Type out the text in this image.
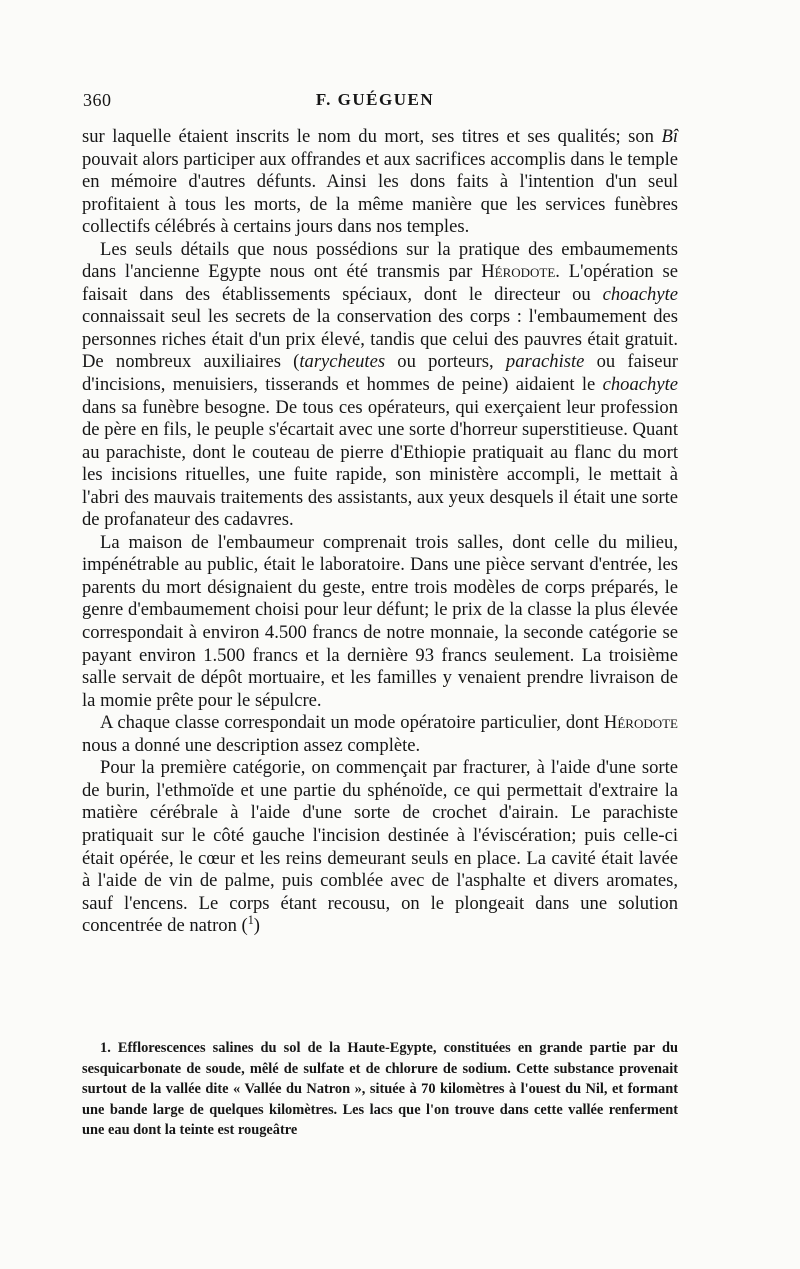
360	F. GUÉGUEN

sur laquelle étaient inscrits le nom du mort, ses titres et ses qualités; son Bî pouvait alors participer aux offrandes et aux sacrifices accomplis dans le temple en mémoire d'autres défunts. Ainsi les dons faits à l'intention d'un seul profitaient à tous les morts, de la même manière que les services funèbres collectifs célébrés à certains jours dans nos temples.

Les seuls détails que nous possédions sur la pratique des embaumements dans l'ancienne Egypte nous ont été transmis par Hérodote. L'opération se faisait dans des établissements spéciaux, dont le directeur ou choachyte connaissait seul les secrets de la conservation des corps : l'embaumement des personnes riches était d'un prix élevé, tandis que celui des pauvres était gratuit. De nombreux auxiliaires (tarycheutes ou porteurs, parachiste ou faiseur d'incisions, menuisiers, tisserands et hommes de peine) aidaient le choachyte dans sa funèbre besogne. De tous ces opérateurs, qui exerçaient leur profession de père en fils, le peuple s'écartait avec une sorte d'horreur superstitieuse. Quant au parachiste, dont le couteau de pierre d'Ethiopie pratiquait au flanc du mort les incisions rituelles, une fuite rapide, son ministère accompli, le mettait à l'abri des mauvais traitements des assistants, aux yeux desquels il était une sorte de profanateur des cadavres.

La maison de l'embaumeur comprenait trois salles, dont celle du milieu, impénétrable au public, était le laboratoire. Dans une pièce servant d'entrée, les parents du mort désignaient du geste, entre trois modèles de corps préparés, le genre d'embaumement choisi pour leur défunt; le prix de la classe la plus élevée correspondait à environ 4.500 francs de notre monnaie, la seconde catégorie se payant environ 1.500 francs et la dernière 93 francs seulement. La troisième salle servait de dépôt mortuaire, et les familles y venaient prendre livraison de la momie prête pour le sépulcre.

A chaque classe correspondait un mode opératoire particulier, dont Hérodote nous a donné une description assez complète.

Pour la première catégorie, on commençait par fracturer, à l'aide d'une sorte de burin, l'ethmoïde et une partie du sphénoïde, ce qui permettait d'extraire la matière cérébrale à l'aide d'une sorte de crochet d'airain. Le parachiste pratiquait sur le côté gauche l'incision destinée à l'éviscération; puis celle-ci était opérée, le cœur et les reins demeurant seuls en place. La cavité était lavée à l'aide de vin de palme, puis comblée avec de l'asphalte et divers aromates, sauf l'encens. Le corps étant recousu, on le plongeait dans une solution concentrée de natron ($^1$)

1. Efflorescences salines du sol de la Haute-Egypte, constituées en grande partie par du sesquicarbonate de soude, mêlé de sulfate et de chlorure de sodium. Cette substance provenait surtout de la vallée dite « Vallée du Natron », située à 70 kilomètres à l'ouest du Nil, et formant une bande large de quelques kilomètres. Les lacs que l'on trouve dans cette vallée renferment une eau dont la teinte est rougeâtre
